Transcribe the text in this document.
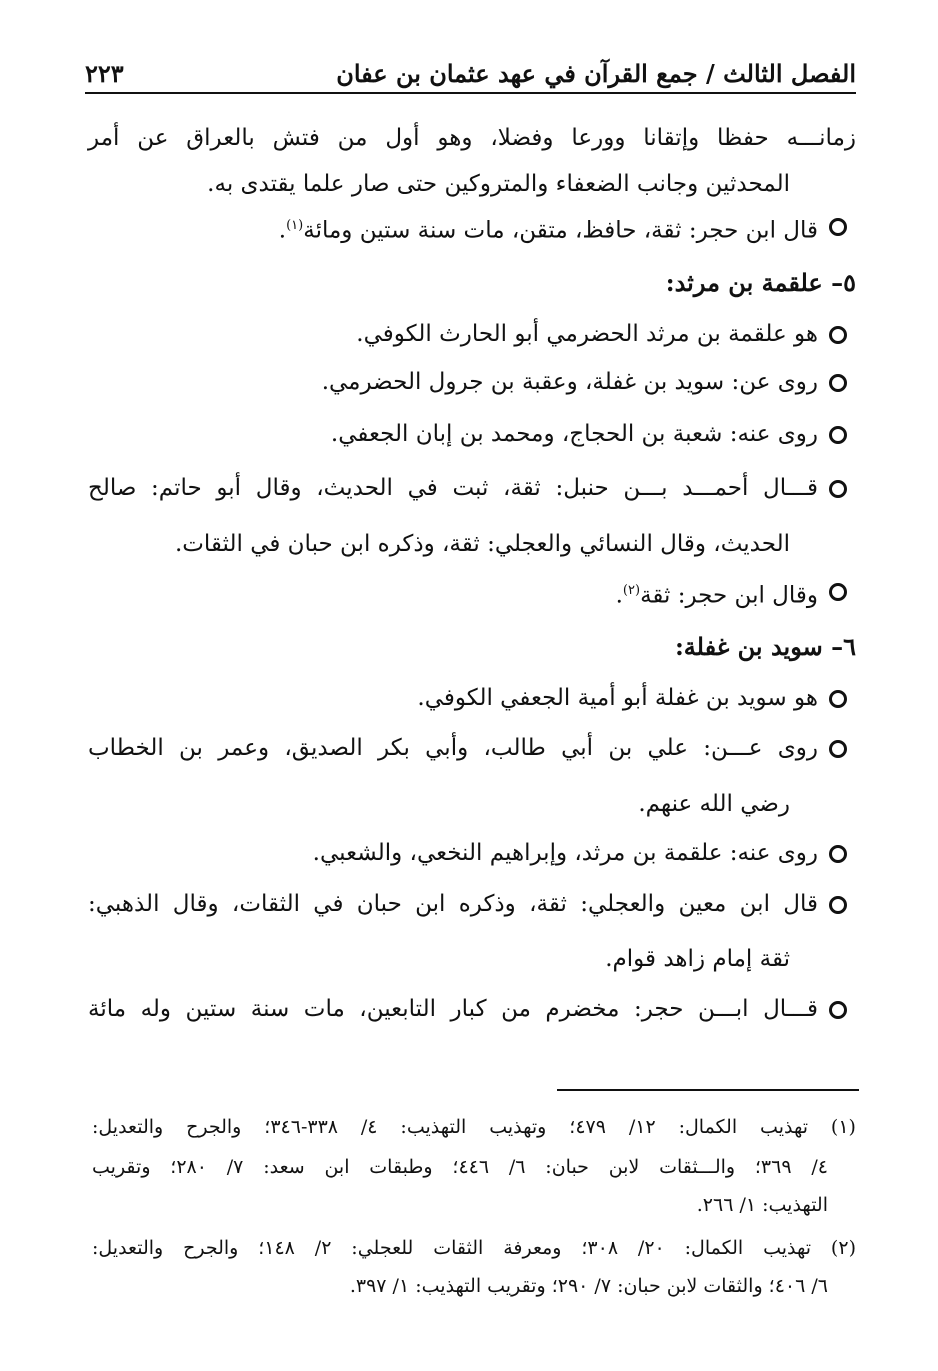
الفصل الثالث / جمع القرآن في عهد عثمان بن عفان
٢٢٣
زمانـــه حفظا وإتقانا وورعا وفضلا، وهو أول من فتش بالعراق عن أمر
المحدثين وجانب الضعفاء والمتروكين حتى صار علما يقتدى به.
قال ابن حجر: ثقة، حافظ، متقن، مات سنة ستين ومائة$^{(١)}$.
٥– علقمة بن مرثد:
هو علقمة بن مرثد الحضرمي أبو الحارث الكوفي.
روى عن: سويد بن غفلة، وعقبة بن جرول الحضرمي.
روى عنه: شعبة بن الحجاج، ومحمد بن إبان الجعفي.
قـــال أحمـــد بـــن حنبل: ثقة، ثبت في الحديث، وقال أبو حاتم: صالح
الحديث، وقال النسائي والعجلي: ثقة، وذكره ابن حبان في الثقات.
وقال ابن حجر: ثقة$^{(٢)}$.
٦– سويد بن غفلة:
هو سويد بن غفلة أبو أمية الجعفي الكوفي.
روى عـــن: علي بن أبي طالب، وأبي بكر الصديق، وعمر بن الخطاب
رضي الله عنهم.
روى عنه: علقمة بن مرثد، وإبراهيم النخعي، والشعبي.
قال ابن معين والعجلي: ثقة، وذكره ابن حبان في الثقات، وقال الذهبي:
ثقة إمام زاهد قوام.
قـــال ابـــن حجر: مخضرم من كبار التابعين، مات سنة ستين وله مائة
(١) تهذيب الكمال: ١٢/ ٤٧٩؛ وتهذيب التهذيب: ٤/ ٣٣٨-٣٤٦؛ والجرح والتعديل:
٤/ ٣٦٩؛ والـــثقات لابن حبان: ٦/ ٤٤٦؛ وطبقات ابن سعد: ٧/ ٢٨٠؛ وتقريب
التهذيب: ١/ ٢٦٦.
(٢) تهذيب الكمال: ٢٠/ ٣٠٨؛ ومعرفة الثقات للعجلي: ٢/ ١٤٨؛ والجرح والتعديل:
٦/ ٤٠٦؛ والثقات لابن حبان: ٧/ ٢٩٠؛ وتقريب التهذيب: ١/ ٣٩٧.
